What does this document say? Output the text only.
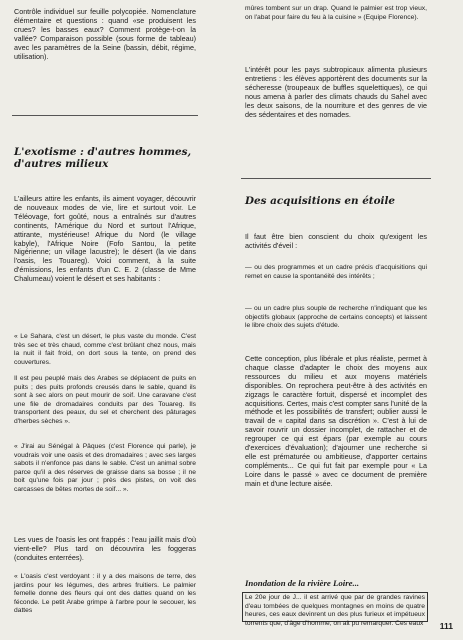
Contrôle individuel sur feuille polycopiée. Nomenclature élémentaire et questions : quand «se produisent les crues? les basses eaux? Comment protège-t-on la vallée? Comparaison possible (sous forme de tableau) avec les paramètres de la Seine (bassin, débit, régime, utilisation).

L'exotisme : d'autres hommes, d'autres milieux

L'ailleurs attire les enfants, ils aiment voyager, découvrir de nouveaux modes de vie, lire et surtout voir. Le Téléovage, fort goûté, nous a entraînés sur d'autres continents, l'Amérique du Nord et surtout l'Afrique, attirante, mystérieuse! Afrique du Nord (le village kabyle), l'Afrique Noire (Fofo Santou, la petite Nigérienne; un village lacustre); le désert (la vie dans l'oasis, les Touareg). Voici comment, à la suite d'émissions, les enfants d'un C. E. 2 (classe de Mme Chalumeau) voient le désert et ses habitants :

« Le Sahara, c'est un désert, le plus vaste du monde. C'est très sec et très chaud, comme c'est brûlant chez nous, mais la nuit il fait froid, on dort sous la tente, on prend des couvertures.

Il est peu peuplé mais des Arabes se déplacent de puits en puits ; des puits profonds creusés dans le sable, quand ils sont à sec alors on peut mourir de soif. Une caravane c'est une file de dromadaires conduits par des Touareg. Ils transportent des peaux, du sel et cherchent des pâturages d'herbes sèches ».

« J'irai au Sénégal à Pâques (c'est Florence qui parle), je voudrais voir une oasis et des dromadaires ; avec ses larges sabots il n'enfonce pas dans le sable. C'est un animal sobre parce qu'il a des réserves de graisse dans sa bosse ; il ne boit qu'une fois par jour ; près des pistes, on voit des carcasses de bêtes mortes de soif... ».

Les vues de l'oasis les ont frappés : l'eau jaillit mais d'où vient-elle? Plus tard on découvrira les foggeras (conduites enterrées).

« L'oasis c'est verdoyant : il y a des maisons de terre, des jardins pour les légumes, des arbres fruitiers. Le palmier femelle donne des fleurs qui ont des dattes quand on les féconde. Le petit Arabe grimpe à l'arbre pour le secouer, les dattes

mûres tombent sur un drap. Quand le palmier est trop vieux, on l'abat pour faire du feu à la cuisine » (Equipe Florence).

L'intérêt pour les pays subtropicaux alimenta plusieurs entretiens : les élèves apportèrent des documents sur la sécheresse (troupeaux de buffles squelettiques), ce qui nous amena à parler des climats chauds du Sahel avec les deux saisons, de la nourriture et des genres de vie des sédentaires et des nomades.

Des acquisitions en étoile

Il faut être bien conscient du choix qu'exigent les activités d'éveil :

— ou des programmes et un cadre précis d'acquisitions qui remet en cause la spontanéité des intérêts ;

— ou un cadre plus souple de recherche n'indiquant que les objectifs globaux (approche de certains concepts) et laissent le libre choix des sujets d'étude.

Cette conception, plus libérale et plus réaliste, permet à chaque classe d'adapter le choix des moyens aux ressources du milieu et aux moyens matériels disponibles. On reprochera peut-être à des activités en zigzags le caractère fortuit, dispersé et incomplet des acquisitions. Certes, mais c'est compter sans l'unité de la méthode et les possibilités de transfert; oublier aussi le travail de « capital dans sa discrétion ». C'est à lui de savoir rouvrir un dossier incomplet, de rattacher et de regrouper ce qui est épars (par exemple au cours d'exercices d'évaluation); d'ajourner une recherche si elle est prématurée ou ambitieuse, d'apporter certains compléments... Ce qui fut fait par exemple pour « La Loire dans le passé » avec ce document de première main et d'une lecture aisée.

Inondation de la rivière Loire...

Le 20e jour de J... il est arrivé que par de grandes ravines d'eau tombées de quelques montagnes en moins de quatre heures, ces eaux devinrent un des plus furieux et impétueux torrents que, d'âge d'homme, on ait pu remarquer. Ces eaux 111
